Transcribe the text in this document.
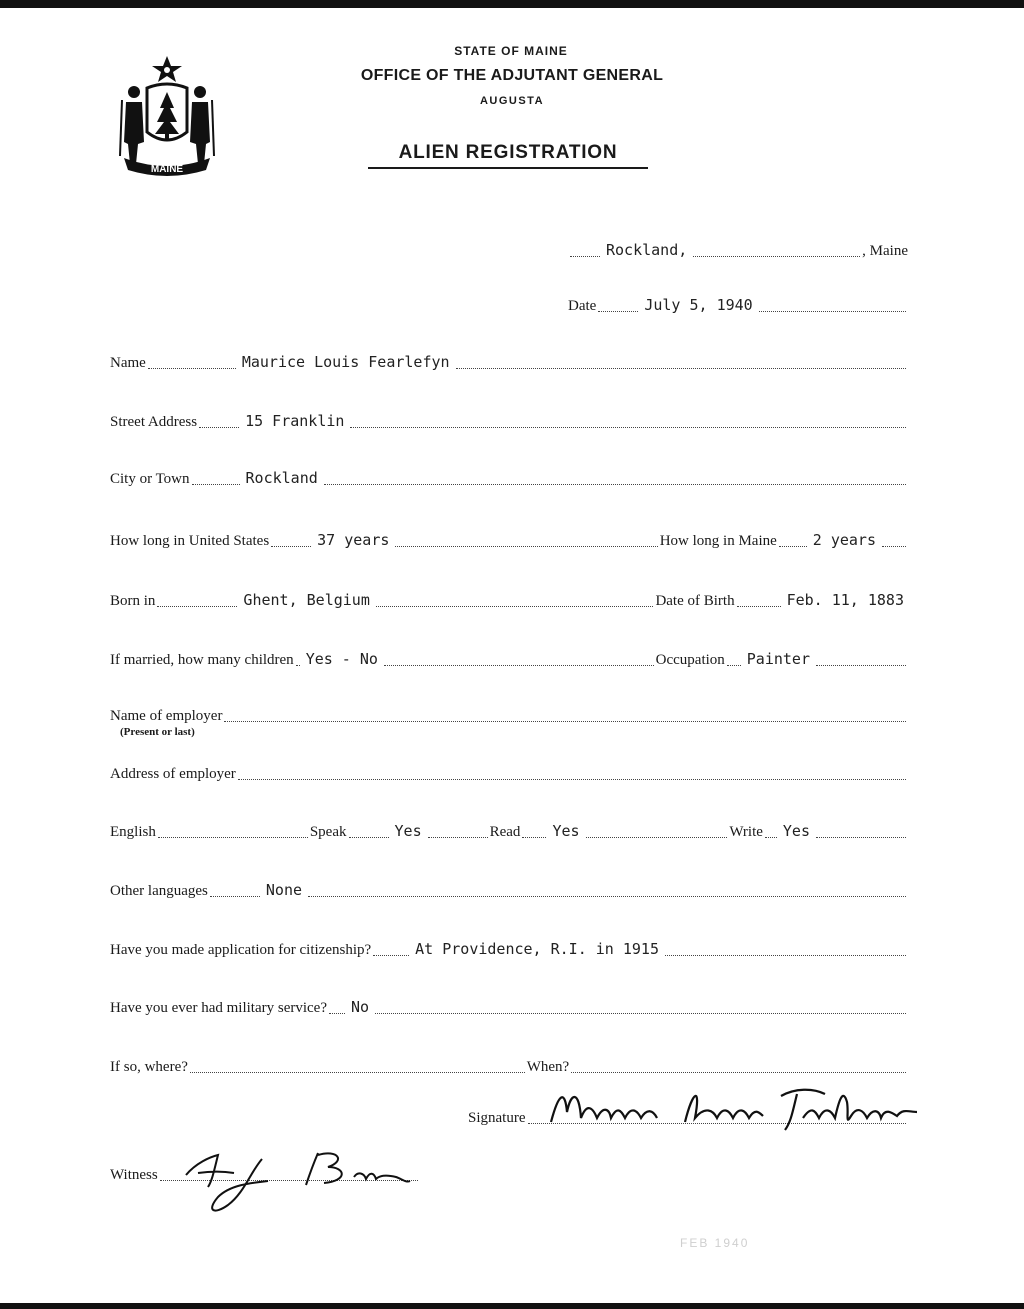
MAINE
STATE OF MAINE
OFFICE OF THE ADJUTANT GENERAL
AUGUSTA
ALIEN REGISTRATION
Rockland,	, Maine
Date	July 5, 1940
Name	Maurice Louis Fearlefyn
Street Address	15 Franklin
City or Town	Rockland
How long in United States	37 years	How long in Maine 2 years
Born in	Ghent, Belgium	Date of Birth	Feb. 11, 1883
If married, how many children Yes - No	Occupation Painter
Name of employer
(Present or last)
Address of employer
English	Speak	Yes	Read Yes	Write Yes
Other languages	None
Have you made application for citizenship?	At Providence, R.I. in 1915
Have you ever had military service? No
If so, where?	When?
Signature
Witness
FEB 1940
